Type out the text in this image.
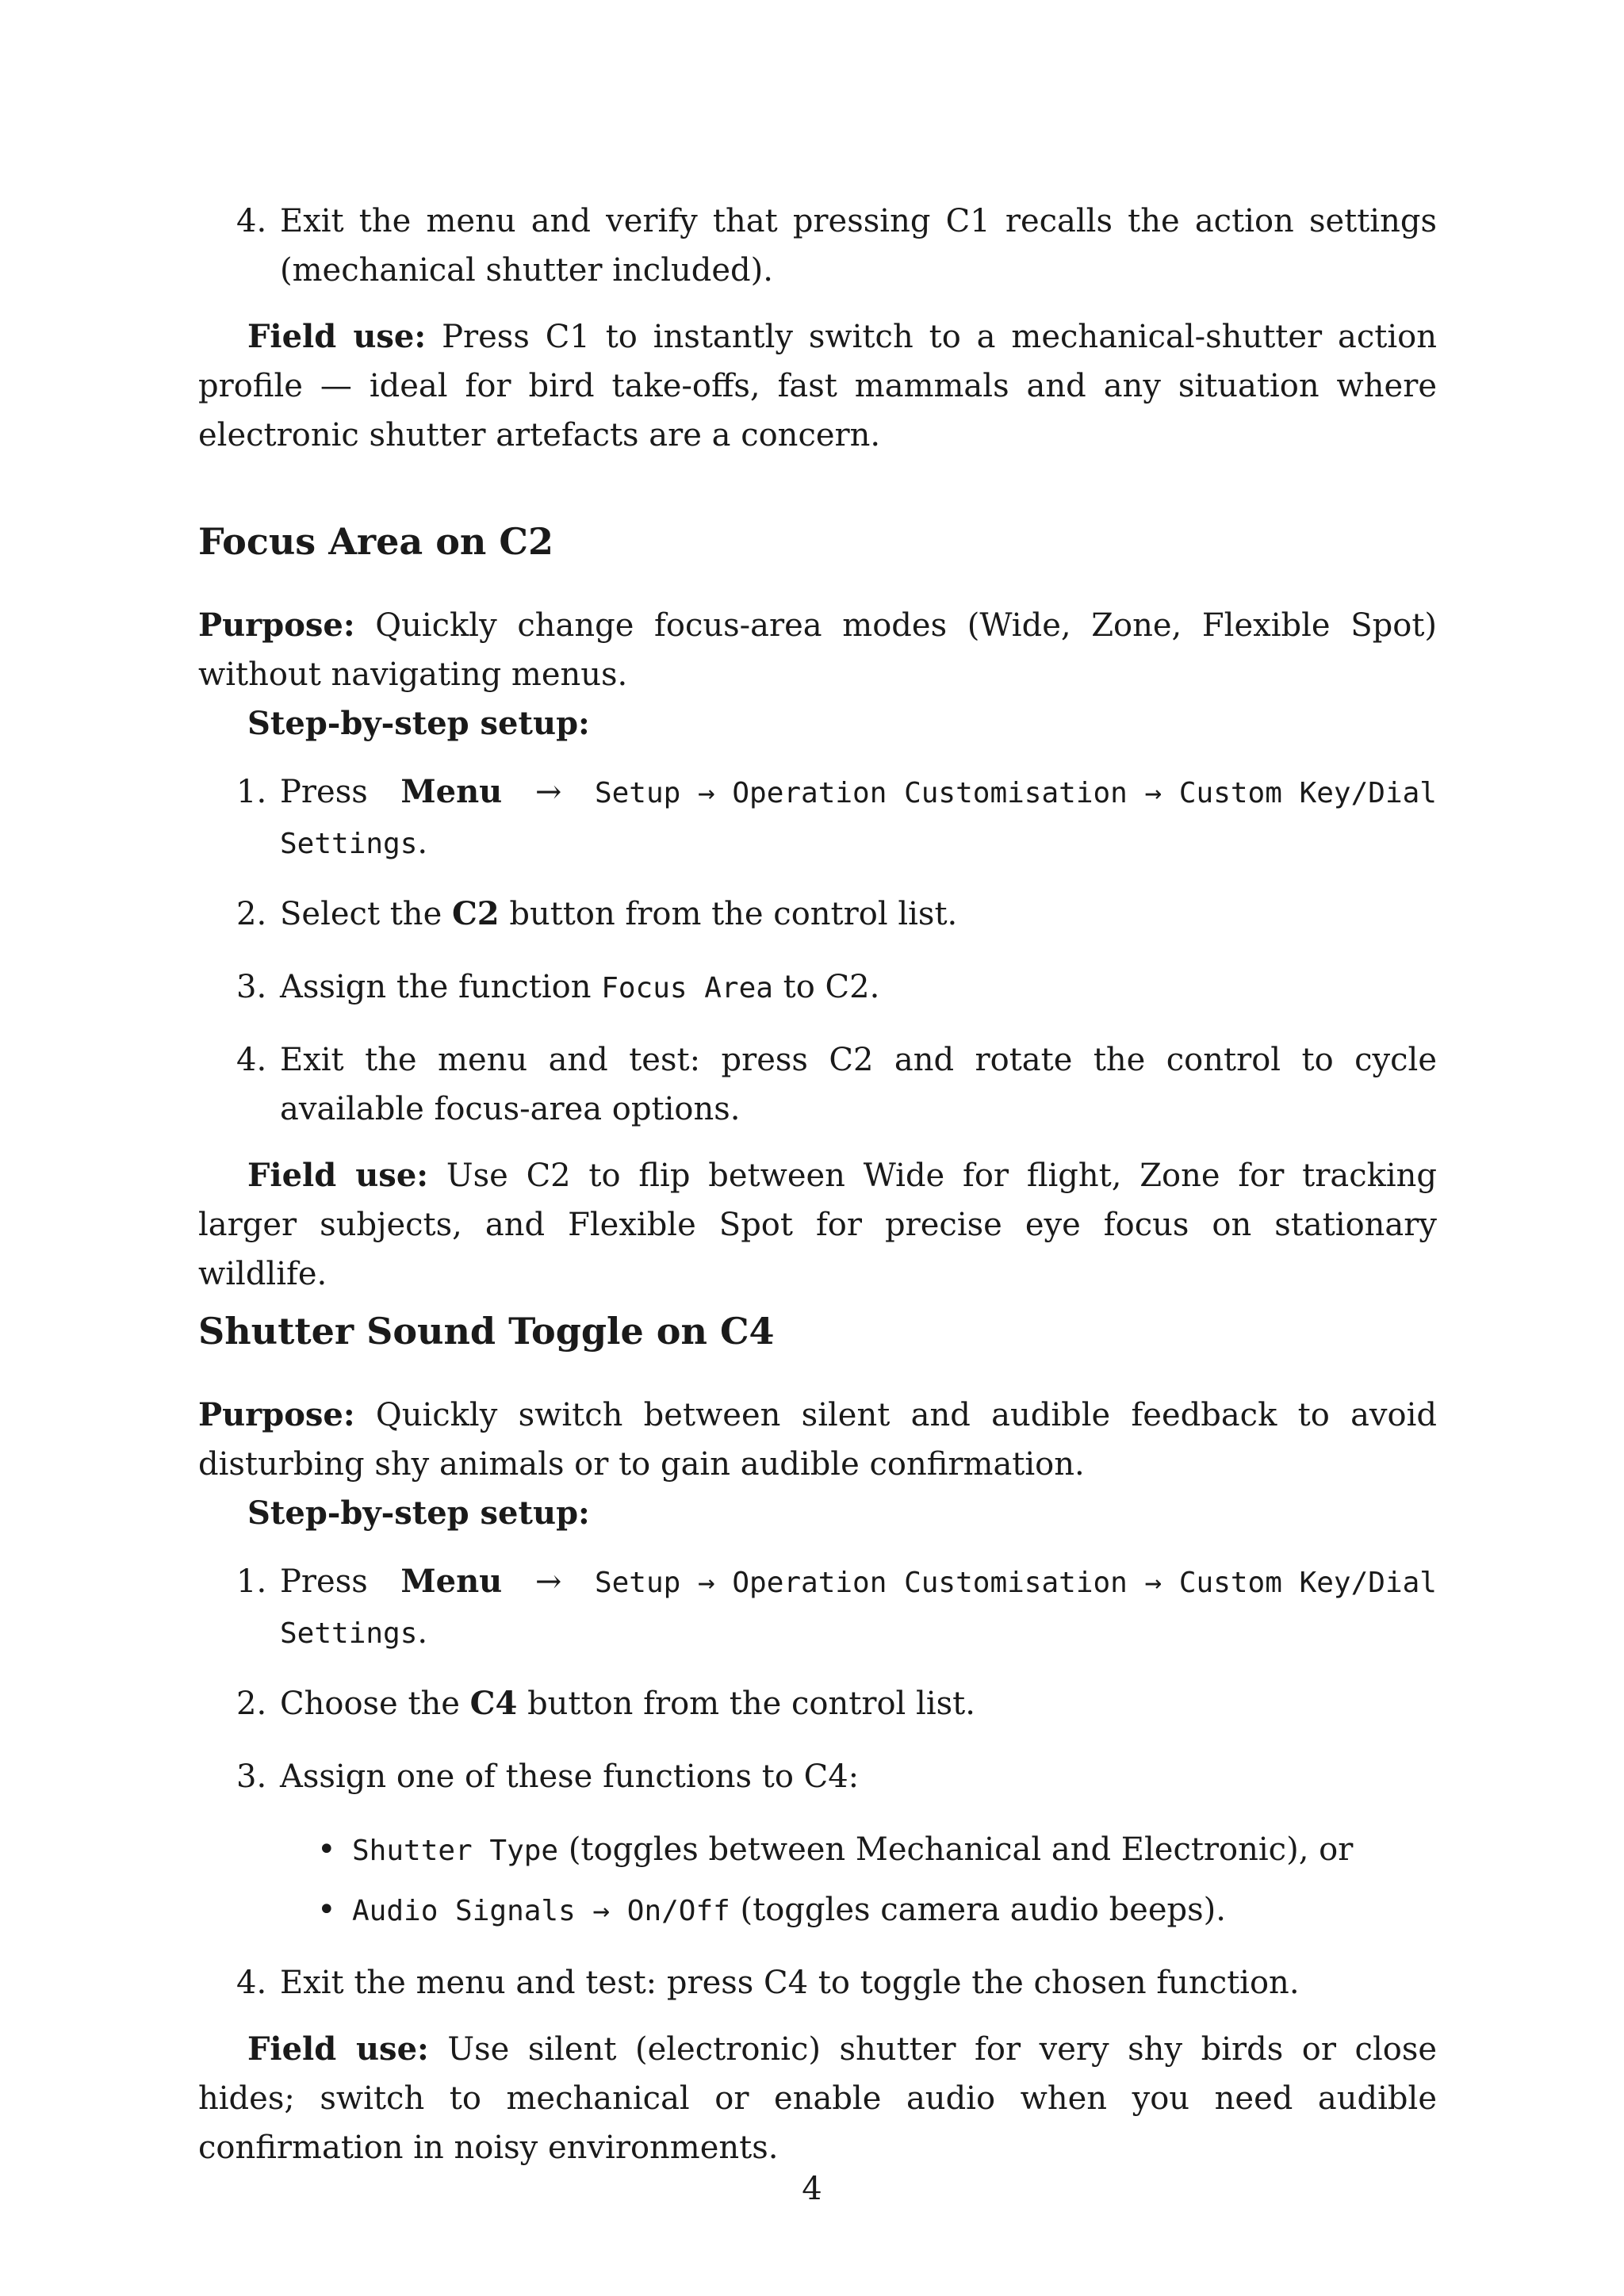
4. Exit the menu and verify that pressing C1 recalls the action settings (mechanical shutter included).
Field use: Press C1 to instantly switch to a mechanical-shutter action profile — ideal for bird take-offs, fast mammals and any situation where electronic shutter artefacts are a concern.
Focus Area on C2
Purpose: Quickly change focus-area modes (Wide, Zone, Flexible Spot) without navigating menus.
Step-by-step setup:
1. Press Menu → Setup → Operation Customisation → Custom Key/Dial
Settings.
2. Select the C2 button from the control list.
3. Assign the function Focus Area to C2.
4. Exit the menu and test: press C2 and rotate the control to cycle available focus-area options.
Field use: Use C2 to flip between Wide for flight, Zone for tracking larger subjects, and Flexible Spot for precise eye focus on stationary wildlife.
Shutter Sound Toggle on C4
Purpose: Quickly switch between silent and audible feedback to avoid disturbing shy animals or to gain audible confirmation.
Step-by-step setup:
1. Press Menu → Setup → Operation Customisation → Custom Key/Dial
Settings.
2. Choose the C4 button from the control list.
3. Assign one of these functions to C4:
• Shutter Type (toggles between Mechanical and Electronic), or
• Audio Signals → On/Off (toggles camera audio beeps).
4. Exit the menu and test: press C4 to toggle the chosen function.
Field use: Use silent (electronic) shutter for very shy birds or close hides; switch to mechanical or enable audio when you need audible confirmation in noisy environments.
4
